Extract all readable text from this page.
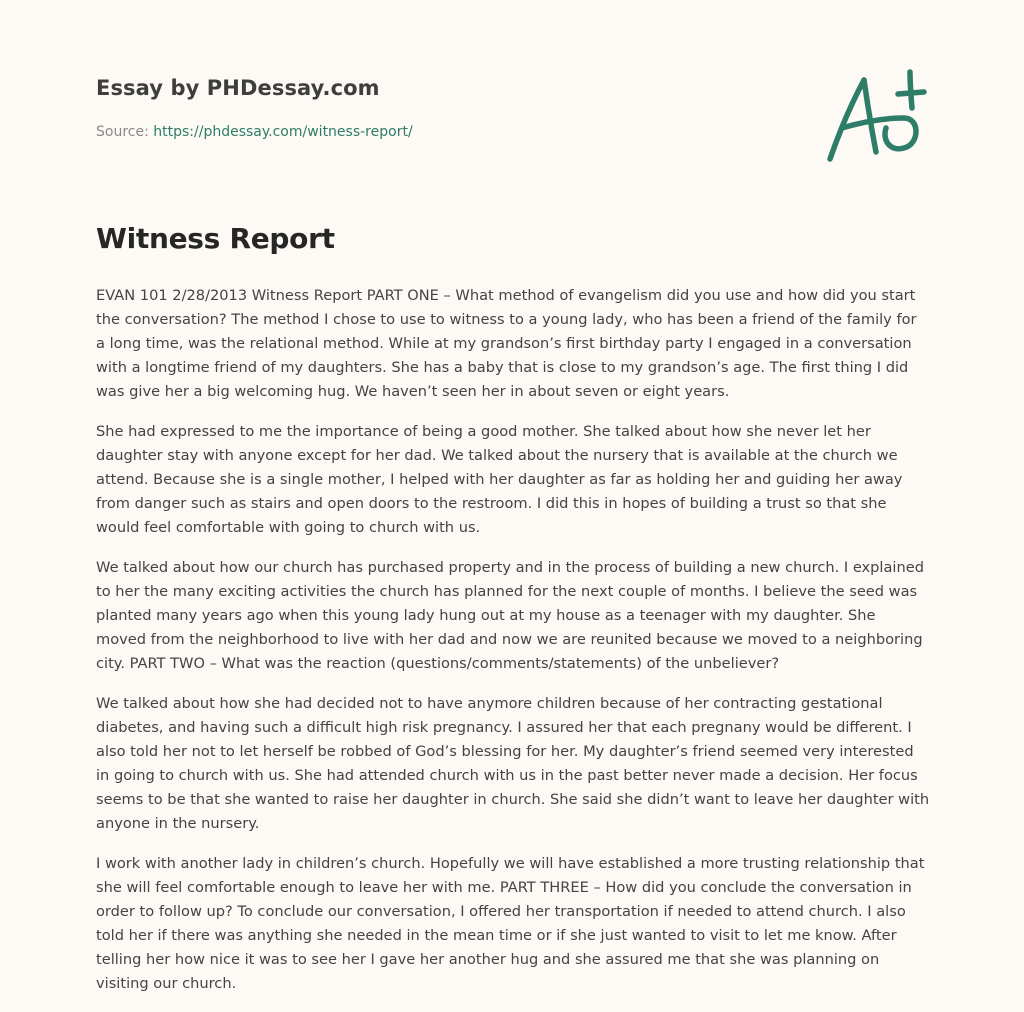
Essay by PHDessay.com
Source: https://phdessay.com/witness-report/
Witness Report

EVAN 101 2/28/2013 Witness Report PART ONE – What method of evangelism did you use and how did you start the conversation? The method I chose to use to witness to a young lady, who has been a friend of the family for a long time, was the relational method. While at my grandson’s first birthday party I engaged in a conversation with a longtime friend of my daughters. She has a baby that is close to my grandson’s age. The first thing I did was give her a big welcoming hug. We haven’t seen her in about seven or eight years.

She had expressed to me the importance of being a good mother. She talked about how she never let her daughter stay with anyone except for her dad. We talked about the nursery that is available at the church we attend. Because she is a single mother, I helped with her daughter as far as holding her and guiding her away from danger such as stairs and open doors to the restroom. I did this in hopes of building a trust so that she would feel comfortable with going to church with us.

We talked about how our church has purchased property and in the process of building a new church. I explained to her the many exciting activities the church has planned for the next couple of months. I believe the seed was planted many years ago when this young lady hung out at my house as a teenager with my daughter. She moved from the neighborhood to live with her dad and now we are reunited because we moved to a neighboring city. PART TWO – What was the reaction (questions/comments/statements) of the unbeliever?

We talked about how she had decided not to have anymore children because of her contracting gestational diabetes, and having such a difficult high risk pregnancy. I assured her that each pregnany would be different. I also told her not to let herself be robbed of God’s blessing for her. My daughter’s friend seemed very interested in going to church with us. She had attended church with us in the past better never made a decision. Her focus seems to be that she wanted to raise her daughter in church. She said she didn’t want to leave her daughter with anyone in the nursery.

I work with another lady in children’s church. Hopefully we will have established a more trusting relationship that she will feel comfortable enough to leave her with me. PART THREE – How did you conclude the conversation in order to follow up? To conclude our conversation, I offered her transportation if needed to attend church. I also told her if there was anything she needed in the mean time or if she just wanted to visit to let me know. After telling her how nice it was to see her I gave her another hug and she assured me that she was planning on visiting our church.
